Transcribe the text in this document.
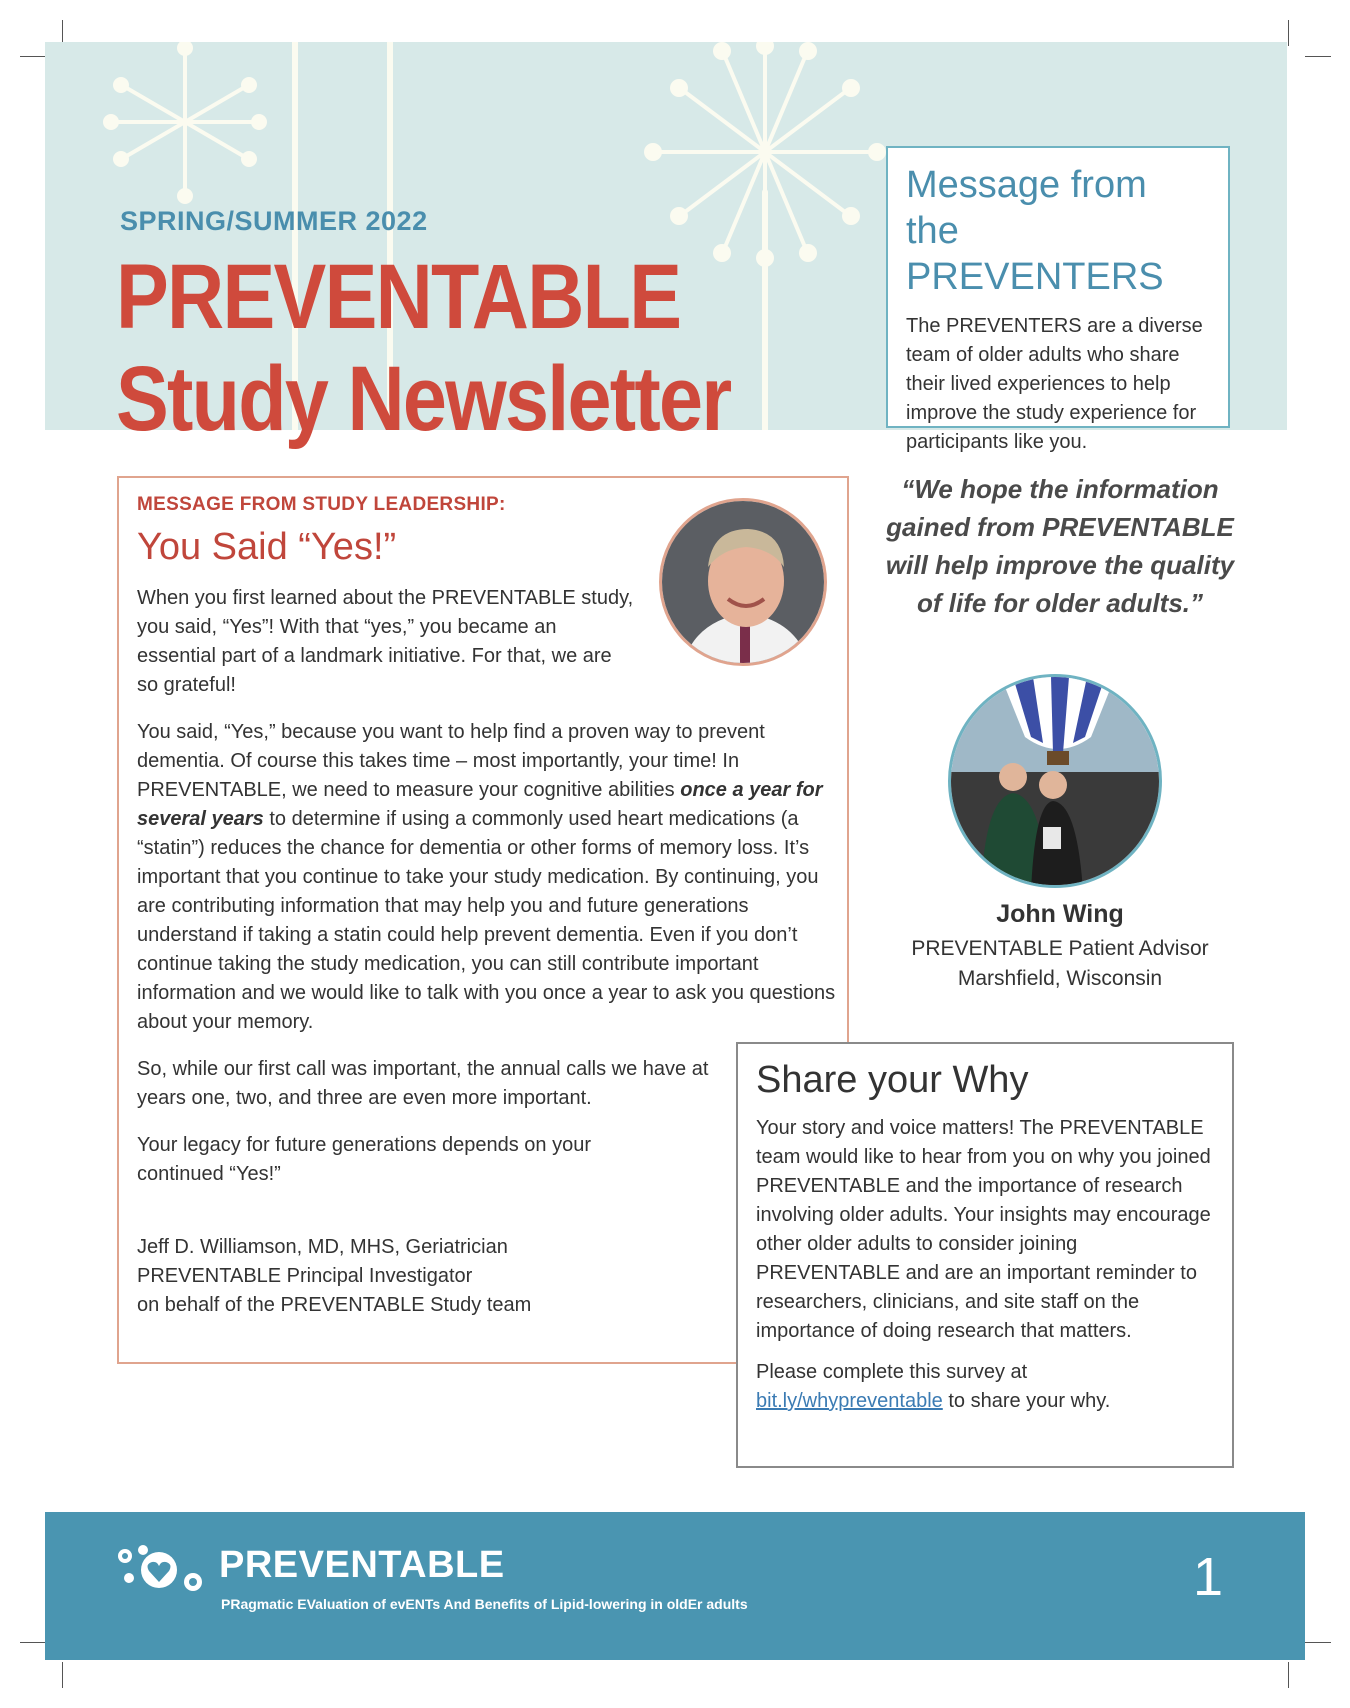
SPRING/SUMMER 2022
PREVENTABLE
Study Newsletter
Message from
the PREVENTERS

The PREVENTERS are a diverse team of older adults who share their lived experiences to help improve the study experience for participants like you.

MESSAGE FROM STUDY LEADERSHIP:
You Said “Yes!”

When you first learned about the PREVENTABLE study, you said, “Yes”! With that “yes,” you became an essential part of a landmark initiative. For that, we are so grateful!

You said, “Yes,” because you want to help find a proven way to prevent dementia. Of course this takes time – most importantly, your time! In PREVENTABLE, we need to measure your cognitive abilities once a year for several years to determine if using a commonly used heart medications (a “statin”) reduces the chance for dementia or other forms of memory loss. It’s important that you continue to take your study medication. By continuing, you are contributing information that may help you and future generations understand if taking a statin could help prevent dementia. Even if you don’t continue taking the study medication, you can still contribute important information and we would like to talk with you once a year to ask you questions about your memory.

So, while our first call was important, the annual calls we have at years one, two, and three are even more important.

Your legacy for future generations depends on your continued “Yes!”

Jeff D. Williamson, MD, MHS, Geriatrician
PREVENTABLE Principal Investigator
on behalf of the PREVENTABLE Study team

“We hope the information gained from PREVENTABLE will help improve the quality of life for older adults.”
John Wing
PREVENTABLE Patient Advisor
Marshfield, Wisconsin
Share your Why

Your story and voice matters! The PREVENTABLE team would like to hear from you on why you joined PREVENTABLE and the importance of research involving older adults. Your insights may encourage other older adults to consider joining PREVENTABLE and are an important reminder to researchers, clinicians, and site staff on the importance of doing research that matters.

Please complete this survey at
bit.ly/whypreventable to share your why.

PREVENTABLE
PRagmatic EValuation of evENTs And Benefits of Lipid-lowering in oldEr adults	1
